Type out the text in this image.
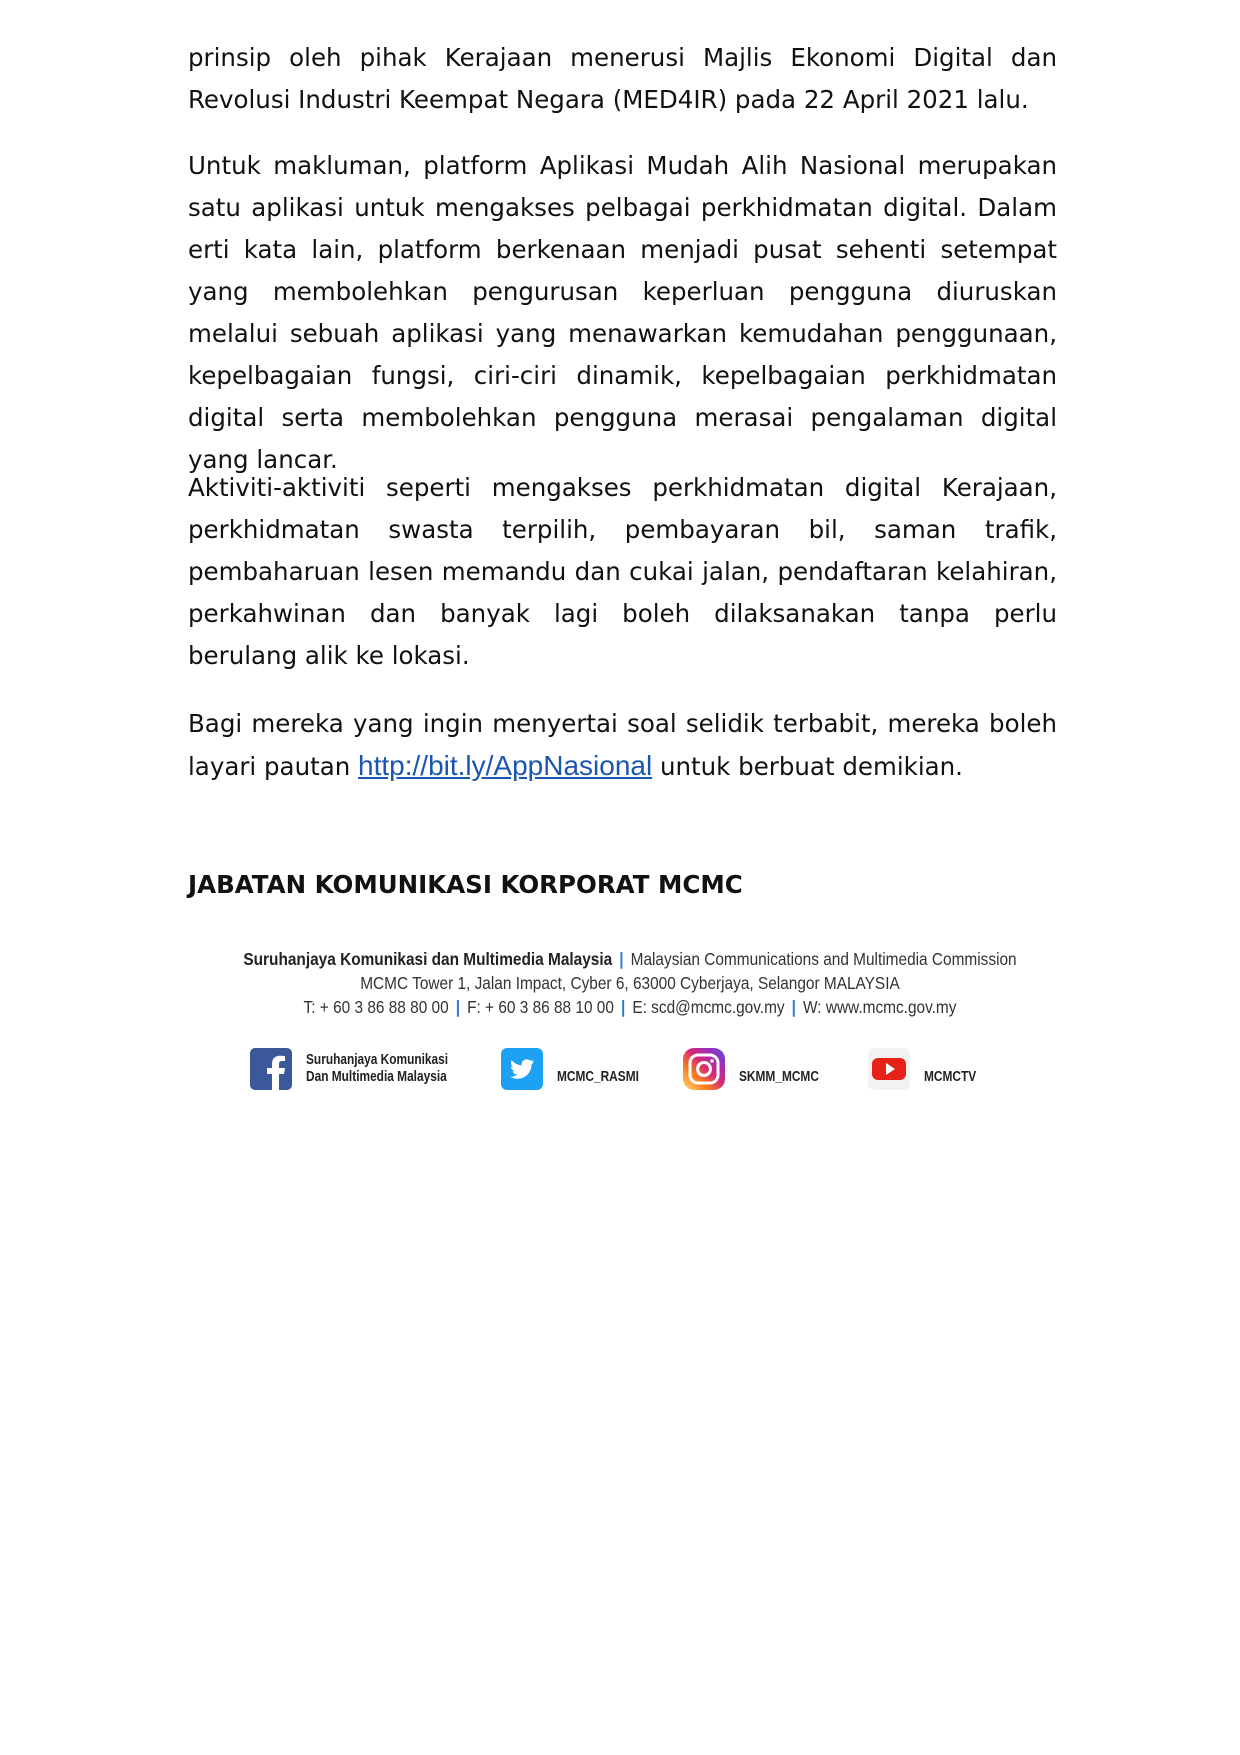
prinsip oleh pihak Kerajaan menerusi Majlis Ekonomi Digital dan Revolusi Industri Keempat Negara (MED4IR) pada 22 April 2021 lalu.

Untuk makluman, platform Aplikasi Mudah Alih Nasional merupakan satu aplikasi untuk mengakses pelbagai perkhidmatan digital. Dalam erti kata lain, platform berkenaan menjadi pusat sehenti setempat yang membolehkan pengurusan keperluan pengguna diuruskan melalui sebuah aplikasi yang menawarkan kemudahan penggunaan, kepelbagaian fungsi, ciri-ciri dinamik, kepelbagaian perkhidmatan digital serta membolehkan pengguna merasai pengalaman digital yang lancar.

Aktiviti-aktiviti seperti mengakses perkhidmatan digital Kerajaan, perkhidmatan swasta terpilih, pembayaran bil, saman trafik, pembaharuan lesen memandu dan cukai jalan, pendaftaran kelahiran, perkahwinan dan banyak lagi boleh dilaksanakan tanpa perlu berulang alik ke lokasi.

Bagi mereka yang ingin menyertai soal selidik terbabit, mereka boleh layari pautan http://bit.ly/AppNasional untuk berbuat demikian.

JABATAN KOMUNIKASI KORPORAT MCMC

Suruhanjaya Komunikasi dan Multimedia Malaysia | Malaysian Communications and Multimedia Commission
MCMC Tower 1, Jalan Impact, Cyber 6, 63000 Cyberjaya, Selangor MALAYSIA
T: + 60 3 86 88 80 00 | F: + 60 3 86 88 10 00 | E: scd@mcmc.gov.my | W: www.mcmc.gov.my
Suruhanjaya Komunikasi
Dan Multimedia Malaysia	MCMC_RASMI	SKMM_MCMC	MCMCTV
